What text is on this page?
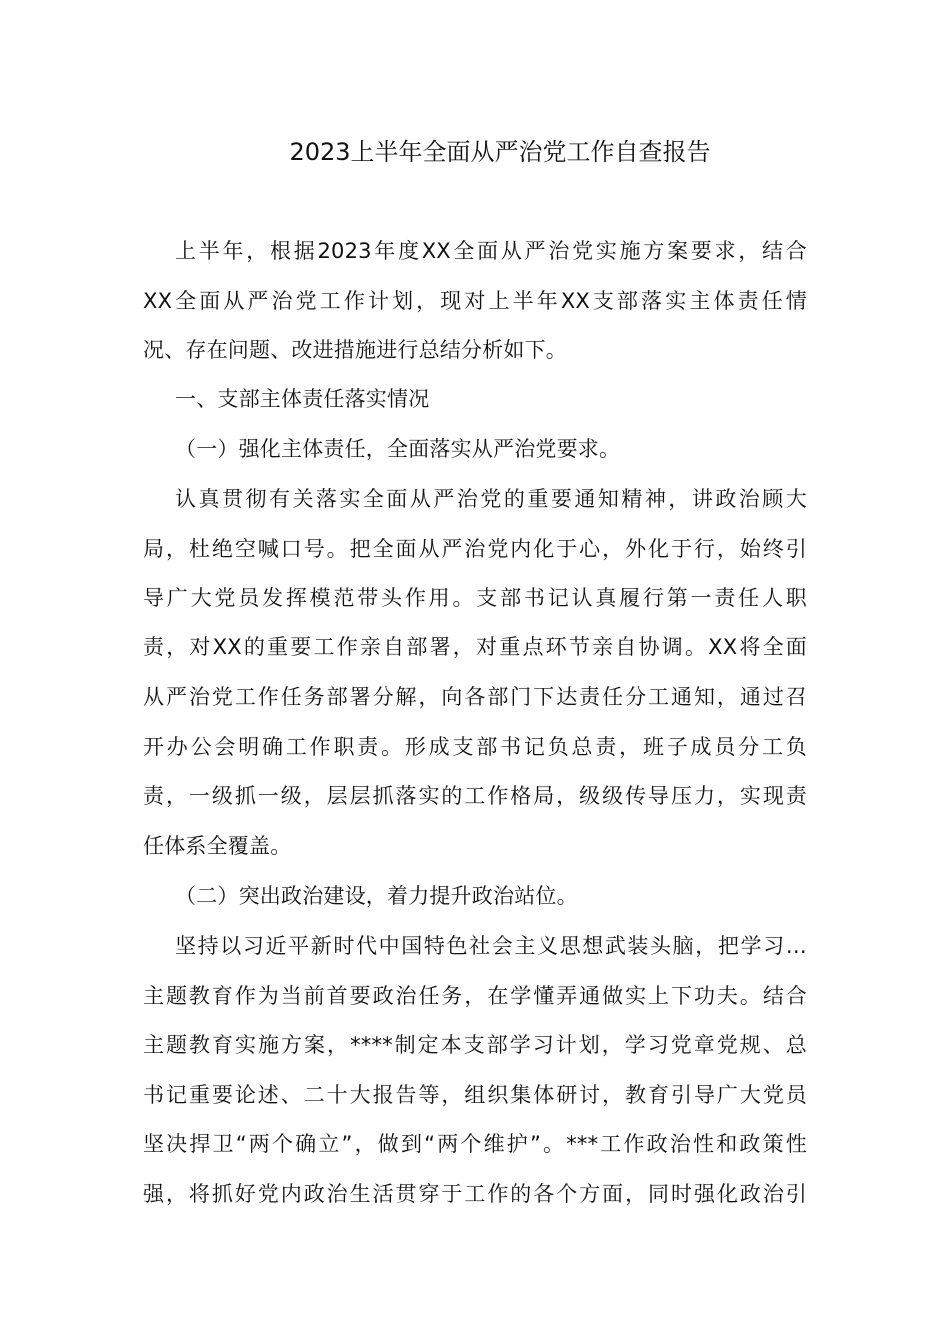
2023上半年全面从严治党工作自查报告
上半年，根据2023年度XX全面从严治党实施方案要求，结合
XX全面从严治党工作计划，现对上半年XX支部落实主体责任情
况、存在问题、改进措施进行总结分析如下。
一、支部主体责任落实情况
（一）强化主体责任，全面落实从严治党要求。
认真贯彻有关落实全面从严治党的重要通知精神，讲政治顾大
局，杜绝空喊口号。把全面从严治党内化于心，外化于行，始终引
导广大党员发挥模范带头作用。支部书记认真履行第一责任人职
责，对XX的重要工作亲自部署，对重点环节亲自协调。XX将全面
从严治党工作任务部署分解，向各部门下达责任分工通知，通过召
开办公会明确工作职责。形成支部书记负总责，班子成员分工负
责，一级抓一级，层层抓落实的工作格局，级级传导压力，实现责
任体系全覆盖。
（二）突出政治建设，着力提升政治站位。
坚持以习近平新时代中国特色社会主义思想武装头脑，把学习…
主题教育作为当前首要政治任务，在学懂弄通做实上下功夫。结合
主题教育实施方案，****制定本支部学习计划，学习党章党规、总
书记重要论述、二十大报告等，组织集体研讨，教育引导广大党员
坚决捍卫“两个确立”，做到“两个维护”。***工作政治性和政策性
强，将抓好党内政治生活贯穿于工作的各个方面，同时强化政治引
